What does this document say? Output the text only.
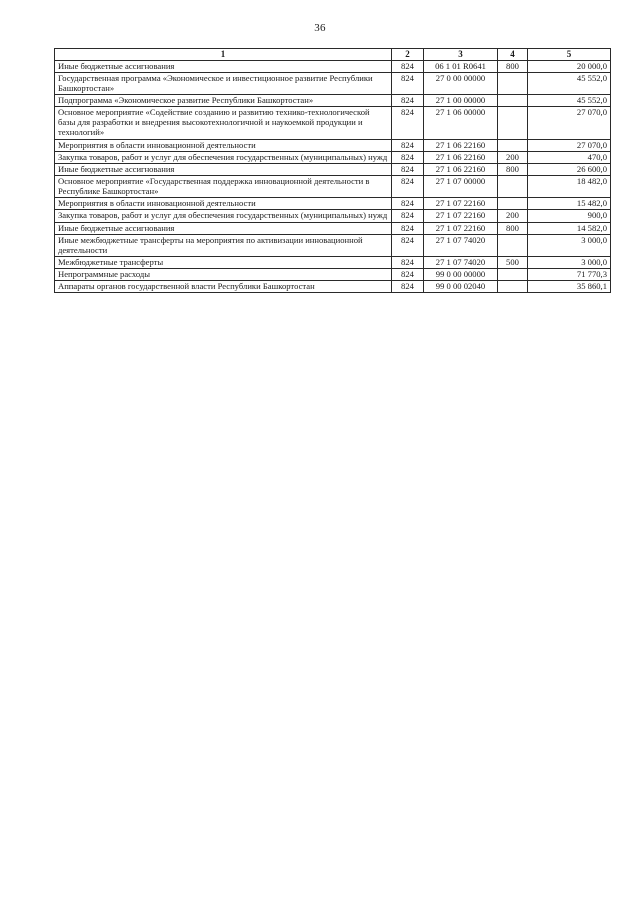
36
1	2	3	4	5
Иные бюджетные ассигнования	824	06 1 01 R0641	800	20 000,0
Государственная программа «Экономическое и инвестиционное развитие Республики Башкортостан»	824	27 0 00 00000		45 552,0
Подпрограмма «Экономическое развитие Республики Башкортостан»	824	27 1 00 00000		45 552,0
Основное мероприятие «Содействие созданию и развитию технико-технологической базы для разработки и внедрения высокотехнологичной и наукоемкой продукции и технологий»	824	27 1 06 00000		27 070,0
Мероприятия в области инновационной деятельности	824	27 1 06 22160		27 070,0
Закупка товаров, работ и услуг для обеспечения государственных (муниципальных) нужд	824	27 1 06 22160	200	470,0
Иные бюджетные ассигнования	824	27 1 06 22160	800	26 600,0
Основное мероприятие «Государственная поддержка инновационной деятельности в Республике Башкортостан»	824	27 1 07 00000		18 482,0
Мероприятия в области инновационной деятельности	824	27 1 07 22160		15 482,0
Закупка товаров, работ и услуг для обеспечения государственных (муниципальных) нужд	824	27 1 07 22160	200	900,0
Иные бюджетные ассигнования	824	27 1 07 22160	800	14 582,0
Иные межбюджетные трансферты на мероприятия по активизации инновационной деятельности	824	27 1 07 74020		3 000,0
Межбюджетные трансферты	824	27 1 07 74020	500	3 000,0
Непрограммные расходы	824	99 0 00 00000		71 770,3
Аппараты органов государственной власти Республики Башкортостан	824	99 0 00 02040		35 860,1
